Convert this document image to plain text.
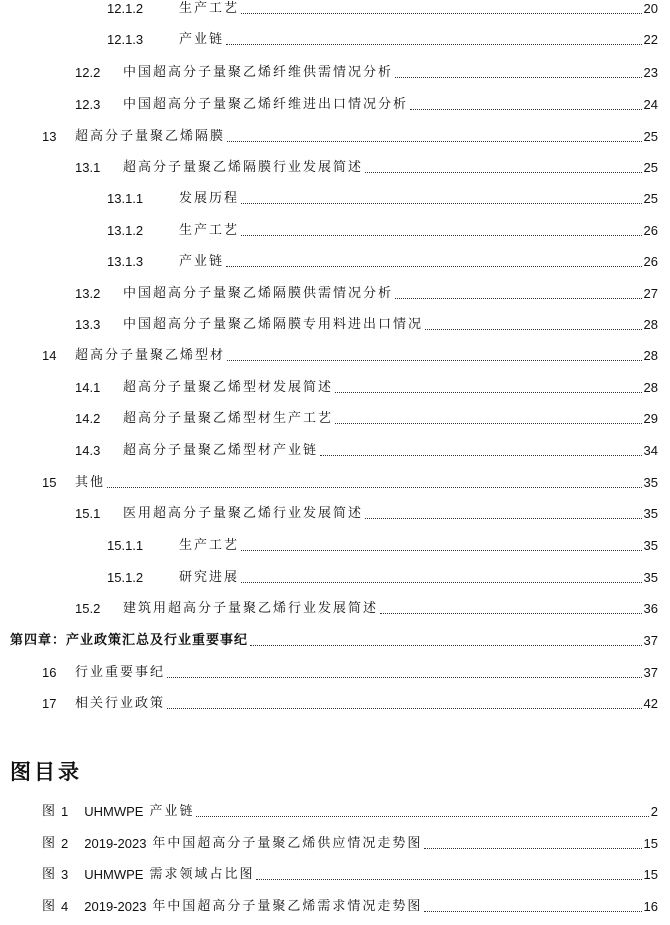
12.1.2	生产工艺	20
12.1.3	产业链	22
12.2	中国超高分子量聚乙烯纤维供需情况分析	23
12.3	中国超高分子量聚乙烯纤维进出口情况分析	24
13	超高分子量聚乙烯隔膜	25
13.1	超高分子量聚乙烯隔膜行业发展简述	25
13.1.1	发展历程	25
13.1.2	生产工艺	26
13.1.3	产业链	26
13.2	中国超高分子量聚乙烯隔膜供需情况分析	27
13.3	中国超高分子量聚乙烯隔膜专用料进出口情况	28
14	超高分子量聚乙烯型材	28
14.1	超高分子量聚乙烯型材发展简述	28
14.2	超高分子量聚乙烯型材生产工艺	29
14.3	超高分子量聚乙烯型材产业链	34
15	其他	35
15.1	医用超高分子量聚乙烯行业发展简述	35
15.1.1	生产工艺	35
15.1.2	研究进展	35
15.2	建筑用超高分子量聚乙烯行业发展简述	36
第四章：产业政策汇总及行业重要事纪	37
16	行业重要事纪	37
17	相关行业政策	42
图目录
图 1 UHMWPE 产业链	2
图 2 2019-2023 年中国超高分子量聚乙烯供应情况走势图	15
图 3 UHMWPE 需求领域占比图	15
图 4 2019-2023 年中国超高分子量聚乙烯需求情况走势图	16
